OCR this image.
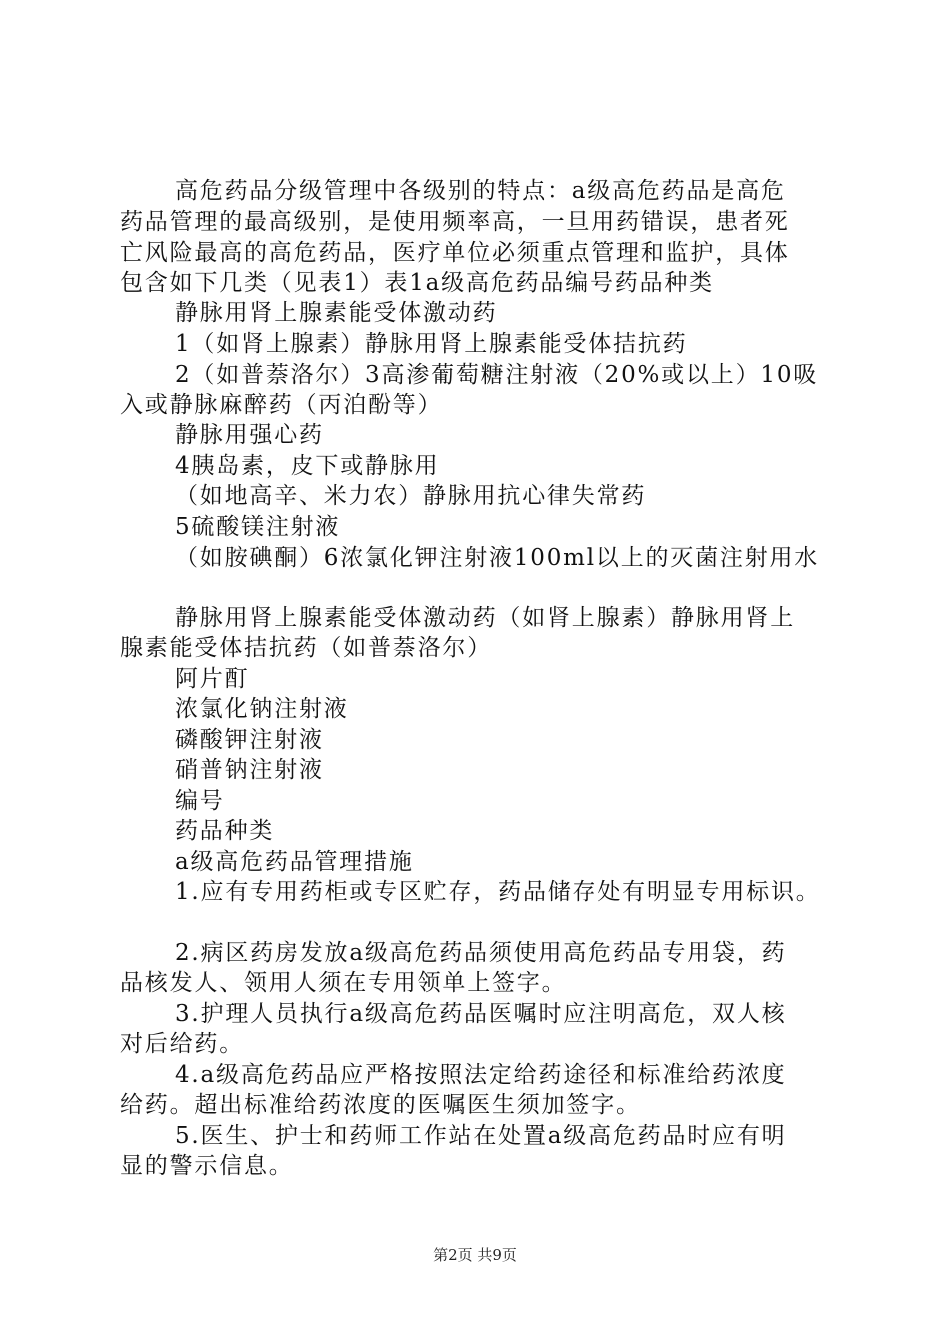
高危药品分级管理中各级别的特点：a级高危药品是高危
药品管理的最高级别，是使用频率高，一旦用药错误，患者死
亡风险最高的高危药品，医疗单位必须重点管理和监护，具体
包含如下几类（见表1）表1a级高危药品编号药品种类
静脉用肾上腺素能受体激动药
1（如肾上腺素）静脉用肾上腺素能受体拮抗药
2（如普萘洛尔）3高渗葡萄糖注射液（20%或以上）10吸
入或静脉麻醉药（丙泊酚等）
静脉用强心药
4胰岛素，皮下或静脉用
（如地高辛、米力农）静脉用抗心律失常药
5硫酸镁注射液
（如胺碘酮）6浓氯化钾注射液100ml以上的灭菌注射用水
静脉用肾上腺素能受体激动药（如肾上腺素）静脉用肾上
腺素能受体拮抗药（如普萘洛尔）
阿片酊
浓氯化钠注射液
磷酸钾注射液
硝普钠注射液
编号
药品种类
a级高危药品管理措施
1.应有专用药柜或专区贮存，药品储存处有明显专用标识。
2.病区药房发放a级高危药品须使用高危药品专用袋，药
品核发人、领用人须在专用领单上签字。
3.护理人员执行a级高危药品医嘱时应注明高危，双人核
对后给药。
4.a级高危药品应严格按照法定给药途径和标准给药浓度
给药。超出标准给药浓度的医嘱医生须加签字。
5.医生、护士和药师工作站在处置a级高危药品时应有明
显的警示信息。
第2页 共9页
